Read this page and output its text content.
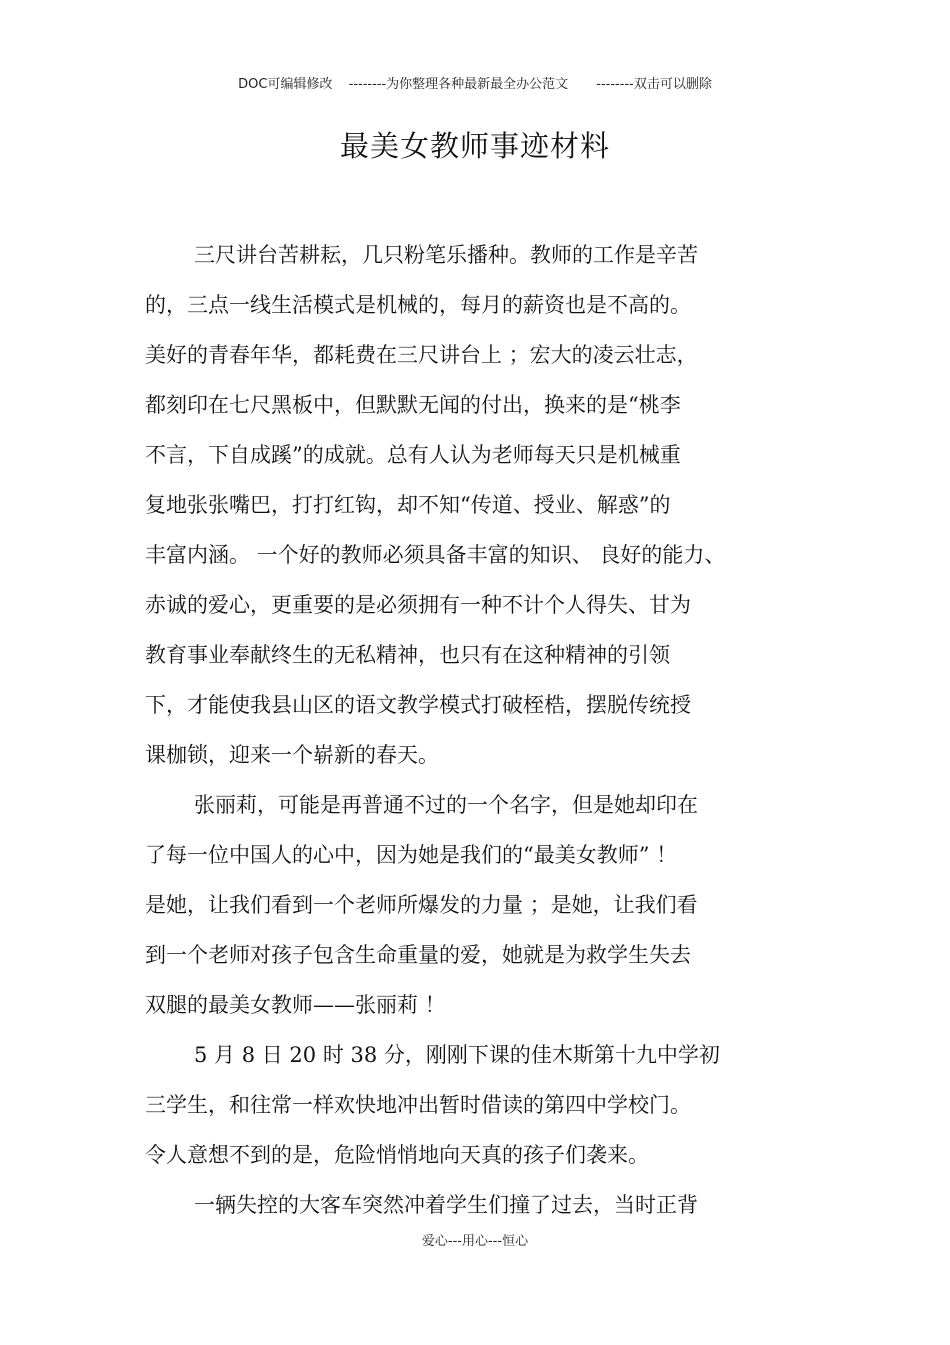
DOC可编辑修改 --------为你整理各种最新最全办公范文 --------双击可以删除
最美女教师事迹材料
三尺讲台苦耕耘，几只粉笔乐播种。教师的工作是辛苦
的，三点一线生活模式是机械的，每月的薪资也是不高的。
美好的青春年华，都耗费在三尺讲台上 ；宏大的凌云壮志，
都刻印在七尺黑板中，但默默无闻的付出，换来的是“桃李
不言，下自成蹊”的成就。总有人认为老师每天只是机械重
复地张张嘴巴，打打红钩，却不知“传道、授业、解惑”的
丰富内涵。 一个好的教师必须具备丰富的知识、 良好的能力、
赤诚的爱心，更重要的是必须拥有一种不计个人得失、甘为
教育事业奉献终生的无私精神，也只有在这种精神的引领
下，才能使我县山区的语文教学模式打破桎梏，摆脱传统授
课枷锁，迎来一个崭新的春天。
张丽莉，可能是再普通不过的一个名字，但是她却印在
了每一位中国人的心中，因为她是我们的“最美女教师” ！
是她，让我们看到一个老师所爆发的力量 ；是她，让我们看
到一个老师对孩子包含生命重量的爱，她就是为救学生失去
双腿的最美女教师——张丽莉 ！
5 月 8 日 20 时 38 分，刚刚下课的佳木斯第十九中学初
三学生，和往常一样欢快地冲出暂时借读的第四中学校门。
令人意想不到的是，危险悄悄地向天真的孩子们袭来。
一辆失控的大客车突然冲着学生们撞了过去，当时正背
爱心---用心---恒心
